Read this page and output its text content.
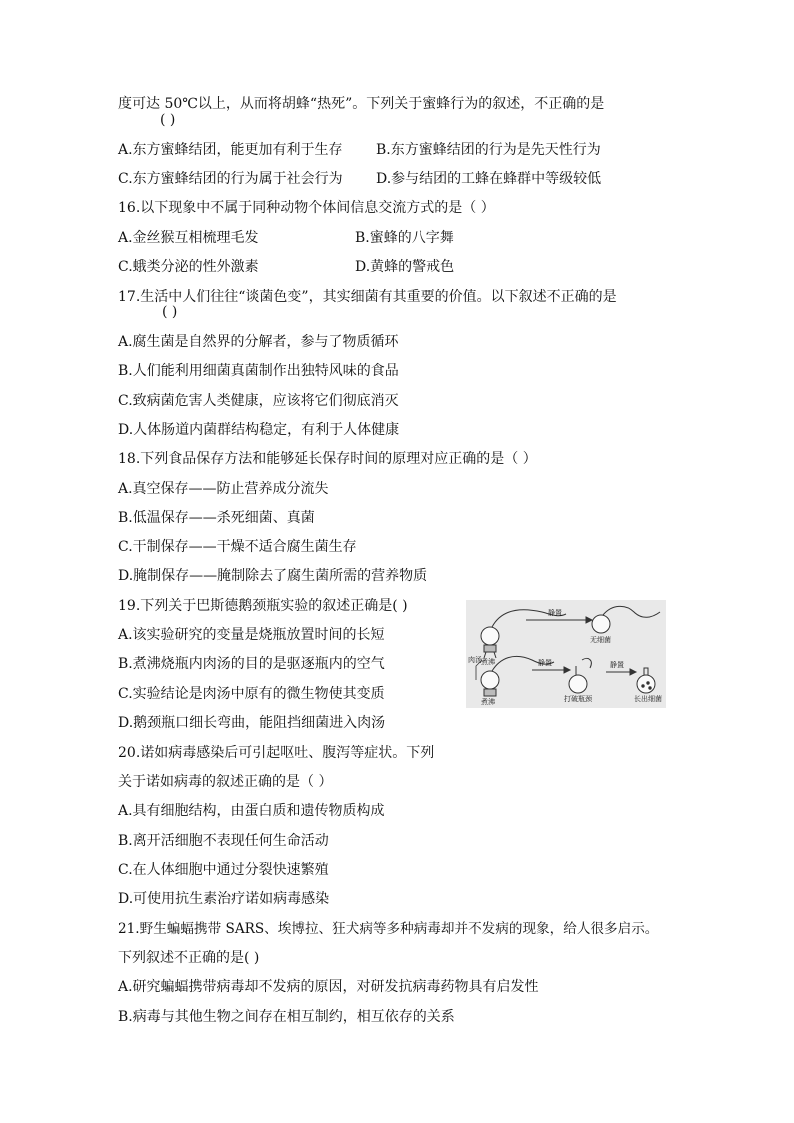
度可达 50℃以上，从而将胡蜂“热死”。下列关于蜜蜂行为的叙述，不正确的是
( )
A.东方蜜蜂结团，能更加有利于生存 B.东方蜜蜂结团的行为是先天性行为
C.东方蜜蜂结团的行为属于社会行为 D.参与结团的工蜂在蜂群中等级较低
16.以下现象中不属于同种动物个体间信息交流方式的是（ ）
A.金丝猴互相梳理毛发	B.蜜蜂的八字舞
C.蛾类分泌的性外激素	D.黄蜂的警戒色
17.生活中人们往往“谈菌色变”，其实细菌有其重要的价值。以下叙述不正确的是
( )
A.腐生菌是自然界的分解者，参与了物质循环
B.人们能利用细菌真菌制作出独特风味的食品
C.致病菌危害人类健康，应该将它们彻底消灭
D.人体肠道内菌群结构稳定，有利于人体健康
18.下列食品保存方法和能够延长保存时间的原理对应正确的是（ ）
A.真空保存——防止营养成分流失
B.低温保存——杀死细菌、真菌
C.干制保存——干燥不适合腐生菌生存
D.腌制保存——腌制除去了腐生菌所需的营养物质
19.下列关于巴斯德鹅颈瓶实验的叙述正确是( )
A.该实验研究的变量是烧瓶放置时间的长短
B.煮沸烧瓶内肉汤的目的是驱逐瓶内的空气
C.实验结论是肉汤中原有的微生物使其变质
D.鹅颈瓶口细长弯曲，能阻挡细菌进入肉汤
煮沸
静置
无细菌
肉汤
煮沸
静置
打破瓶颈
静置
长出细菌
20.诺如病毒感染后可引起呕吐、腹泻等症状。下列
关于诺如病毒的叙述正确的是（ ）
A.具有细胞结构，由蛋白质和遗传物质构成
B.离开活细胞不表现任何生命活动
C.在人体细胞中通过分裂快速繁殖
D.可使用抗生素治疗诺如病毒感染
21.野生蝙蝠携带 SARS、埃博拉、狂犬病等多种病毒却并不发病的现象，给人很多启示。
下列叙述不正确的是( )
A.研究蝙蝠携带病毒却不发病的原因，对研发抗病毒药物具有启发性
B.病毒与其他生物之间存在相互制约，相互依存的关系
